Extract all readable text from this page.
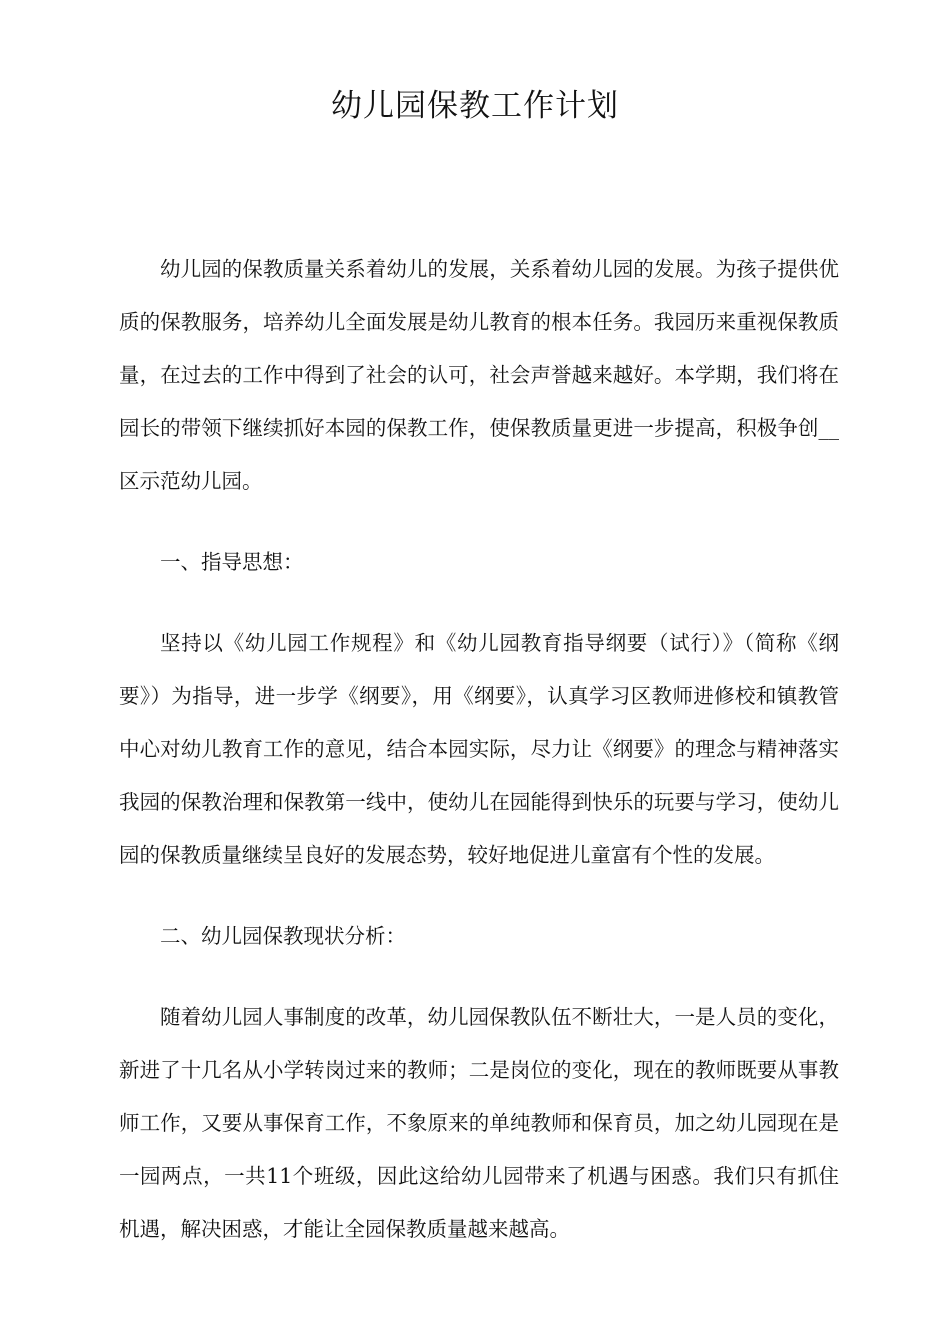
幼儿园保教工作计划

幼儿园的保教质量关系着幼儿的发展，关系着幼儿园的发展。为孩子提供优质的保教服务，培养幼儿全面发展是幼儿教育的根本任务。我园历来重视保教质量，在过去的工作中得到了社会的认可，社会声誉越来越好。本学期，我们将在园长的带领下继续抓好本园的保教工作，使保教质量更进一步提高，积极争创__区示范幼儿园。

一、指导思想：

坚持以《幼儿园工作规程》和《幼儿园教育指导纲要（试行）》（简称《纲要》）为指导，进一步学《纲要》，用《纲要》，认真学习区教师进修校和镇教管中心对幼儿教育工作的意见，结合本园实际，尽力让《纲要》的理念与精神落实我园的保教治理和保教第一线中，使幼儿在园能得到快乐的玩要与学习，使幼儿园的保教质量继续呈良好的发展态势，较好地促进儿童富有个性的发展。

二、幼儿园保教现状分析：

随着幼儿园人事制度的改革，幼儿园保教队伍不断壮大，一是人员的变化，新进了十几名从小学转岗过来的教师；二是岗位的变化，现在的教师既要从事教师工作，又要从事保育工作，不象原来的单纯教师和保育员，加之幼儿园现在是一园两点，一共11个班级，因此这给幼儿园带来了机遇与困惑。我们只有抓住机遇，解决困惑，才能让全园保教质量越来越高。
